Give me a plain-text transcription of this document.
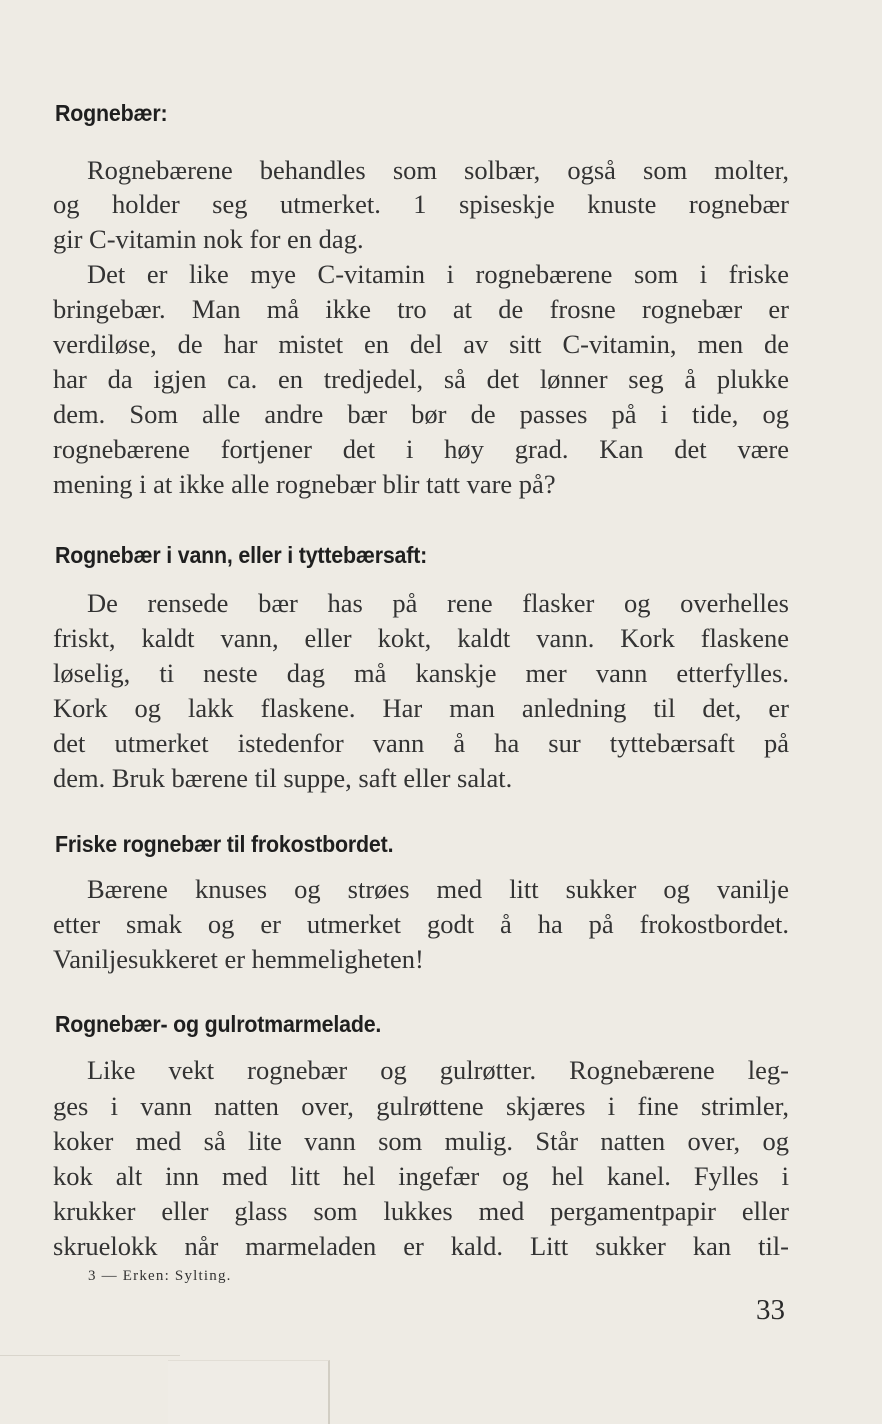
Rognebær:
Rognebærene behandles som solbær, også som molter,
og holder seg utmerket. 1 spiseskje knuste rognebær
gir C-vitamin nok for en dag.
Det er like mye C-vitamin i rognebærene som i friske
bringebær. Man må ikke tro at de frosne rognebær er
verdiløse, de har mistet en del av sitt C-vitamin, men de
har da igjen ca. en tredjedel, så det lønner seg å plukke
dem. Som alle andre bær bør de passes på i tide, og
rognebærene fortjener det i høy grad. Kan det være
mening i at ikke alle rognebær blir tatt vare på?
Rognebær i vann, eller i tyttebærsaft:
De rensede bær has på rene flasker og overhelles
friskt, kaldt vann, eller kokt, kaldt vann. Kork flaskene
løselig, ti neste dag må kanskje mer vann etterfylles.
Kork og lakk flaskene. Har man anledning til det, er
det utmerket istedenfor vann å ha sur tyttebærsaft på
dem. Bruk bærene til suppe, saft eller salat.
Friske rognebær til frokostbordet.
Bærene knuses og strøes med litt sukker og vanilje
etter smak og er utmerket godt å ha på frokostbordet.
Vaniljesukkeret er hemmeligheten!
Rognebær- og gulrotmarmelade.
Like vekt rognebær og gulrøtter. Rognebærene leg-
ges i vann natten over, gulrøttene skjæres i fine strimler,
koker med så lite vann som mulig. Står natten over, og
kok alt inn med litt hel ingefær og hel kanel. Fylles i
krukker eller glass som lukkes med pergamentpapir eller
skruelokk når marmeladen er kald. Litt sukker kan til-
3 — Erken: Sylting.
33
